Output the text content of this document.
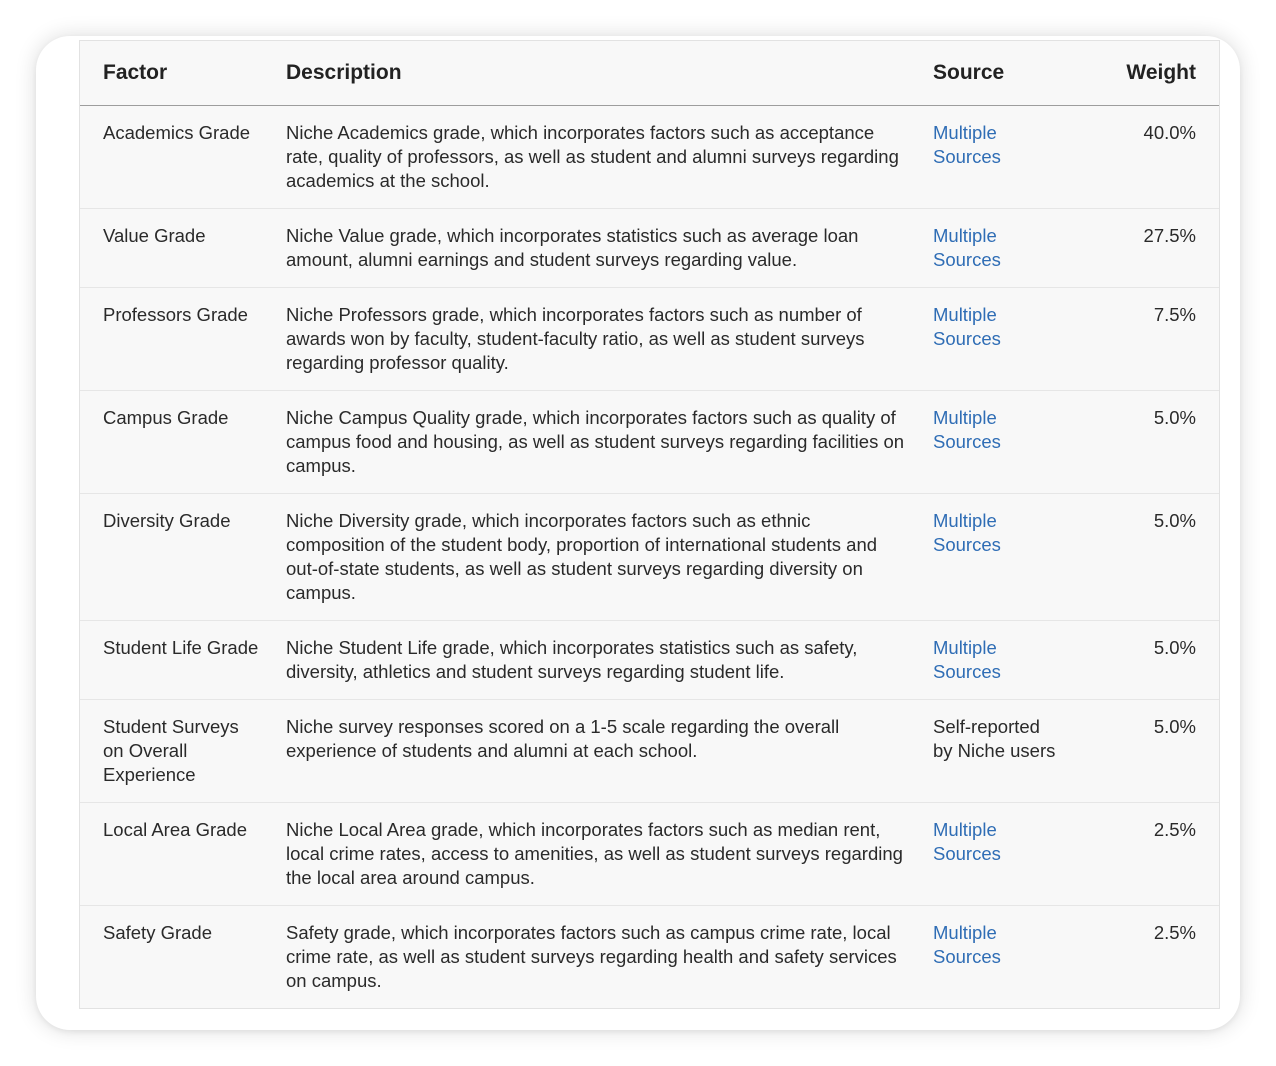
Factor	Description	Source	Weight
Academics Grade	Niche Academics grade, which incorporates factors such as acceptance rate, quality of professors, as well as student and alumni surveys regarding academics at the school.	Multiple Sources	40.0%
Value Grade	Niche Value grade, which incorporates statistics such as average loan amount, alumni earnings and student surveys regarding value.	Multiple Sources	27.5%
Professors Grade	Niche Professors grade, which incorporates factors such as number of awards won by faculty, student-faculty ratio, as well as student surveys regarding professor quality.	Multiple Sources	7.5%
Campus Grade	Niche Campus Quality grade, which incorporates factors such as quality of campus food and housing, as well as student surveys regarding facilities on campus.	Multiple Sources	5.0%
Diversity Grade	Niche Diversity grade, which incorporates factors such as ethnic composition of the student body, proportion of international students and out-of-state students, as well as student surveys regarding diversity on campus.	Multiple Sources	5.0%
Student Life Grade	Niche Student Life grade, which incorporates statistics such as safety, diversity, athletics and student surveys regarding student life.	Multiple Sources	5.0%
Student Surveys on Overall Experience	Niche survey responses scored on a 1-5 scale regarding the overall experience of students and alumni at each school.	Self-reported by Niche users	5.0%
Local Area Grade	Niche Local Area grade, which incorporates factors such as median rent, local crime rates, access to amenities, as well as student surveys regarding the local area around campus.	Multiple Sources	2.5%
Safety Grade	Safety grade, which incorporates factors such as campus crime rate, local crime rate, as well as student surveys regarding health and safety services on campus.	Multiple Sources	2.5%
